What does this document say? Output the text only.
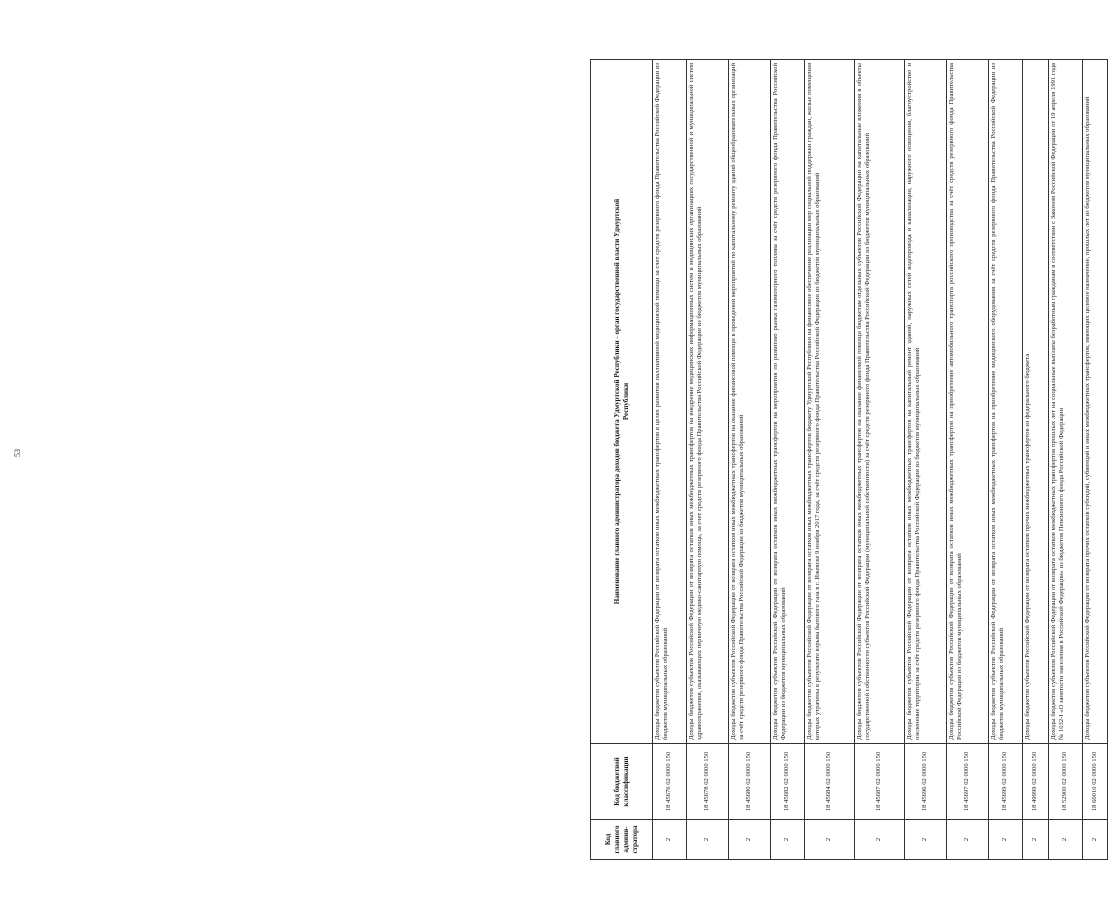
53
Код главного админи-стратора	Код бюджетной классификации	Наименование главного администратора доходов бюджета Удмуртской Республики - орган государственной власти Удмуртской Республики

2	18 45676 02 0000 150	Доходы бюджетов субъектов Российской Федерации от возврата остатков иных межбюджетных трансфертов в целях развития паллиативной медицинской помощи за счет средств резервного фонда Правительства Российской Федерации из бюджетов муниципальных образований
2	18 45678 02 0000 150	Доходы бюджетов субъектов Российской Федерации от возврата остатков иных межбюджетных трансфертов на внедрение медицинских информационных систем в медицинских организациях государственной и муниципальной систем здравоохранения, оказывающих первичную медико-санитарную помощь, за счет средств резервного фонда Правительства Российской Федерации из бюджетов муниципальных образований
2	18 45680 02 0000 150	Доходы бюджетов субъектов Российской Федерации от возврата остатков иных межбюджетных трансфертов на оказание финансовой помощи в проведении мероприятий по капитальному ремонту зданий общеобразовательных организаций за счёт средств резервного фонда Правительства Российской Федерации из бюджетов муниципальных образований
2	18 45682 02 0000 150	Доходы бюджетов субъектов Российской Федерации от возврата остатков иных межбюджетных трансфертов на мероприятия по развитию рынка газомоторного топлива за счёт средств резервного фонда Правительства Российской Федерации из бюджетов муниципальных образований
2	18 45684 02 0000 150	Доходы бюджетов субъектов Российской Федерации от возврата остатков иных межбюджетных трансфертов бюджету Удмуртской Республики на финансовое обеспечение реализации мер социальной поддержки граждан, жилые помещения которых утрачены в результате взрыва бытового газа в г. Ижевске 9 ноября 2017 года, за счёт средств резервного фонда Правительства Российской Федерации из бюджетов муниципальных образований
2	18 45687 02 0000 150	Доходы бюджетов субъектов Российской Федерации от возврата остатков иных межбюджетных трансфертов на оказание финансовой помощи бюджетам отдельных субъектов Российской Федерации на капитальные вложения в объекты государственной собственности субъектов Российской Федерации (муниципальной собственности) за счёт средств резервного фонда Правительства Российской Федерации из бюджетов муниципальных образований
2	18 45696 02 0000 150	Доходы бюджетов субъектов Российской Федерации от возврата остатков иных межбюджетных трансфертов на капитальный ремонт зданий, наружных сетей водопровода и канализации, наружного освещения, благоустройство и озеленение территории за счёт средств резервного фонда Правительства Российской Федерации из бюджетов муниципальных образований
2	18 45697 02 0000 150	Доходы бюджетов субъектов Российской Федерации от возврата остатков иных межбюджетных трансфертов на приобретение автомобильного транспорта российского производства за счёт средств резервного фонда Правительства Российской Федерации из бюджетов муниципальных образований
2	18 45699 02 0000 150	Доходы бюджетов субъектов Российской Федерации от возврата остатков иных межбюджетных трансфертов на приобретение медицинского оборудования за счёт средств резервного фонда Правительства Российской Федерации из бюджетов муниципальных образований
2	18 49999 02 0000 150	Доходы бюджетов субъектов Российской Федерации от возврата остатков прочих межбюджетных трансфертов из федерального бюджета
2	18 52900 02 0000 150	Доходы бюджетов субъектов Российской Федерации от возврата остатков межбюджетных трансфертов прошлых лет на социальные выплаты безработным гражданам в соответствии с Законом Российской Федерации от 19 апреля 1991 года № 1032-I «О занятости населения в Российской Федерации» из бюджетов Пенсионного фонда Российской Федерации
2	18 60010 02 0000 150	Доходы бюджетов субъектов Российской Федерации от возврата прочих остатков субсидий, субвенций и иных межбюджетных трансфертов, имеющих целевое назначение, прошлых лет из бюджетов муниципальных образований
